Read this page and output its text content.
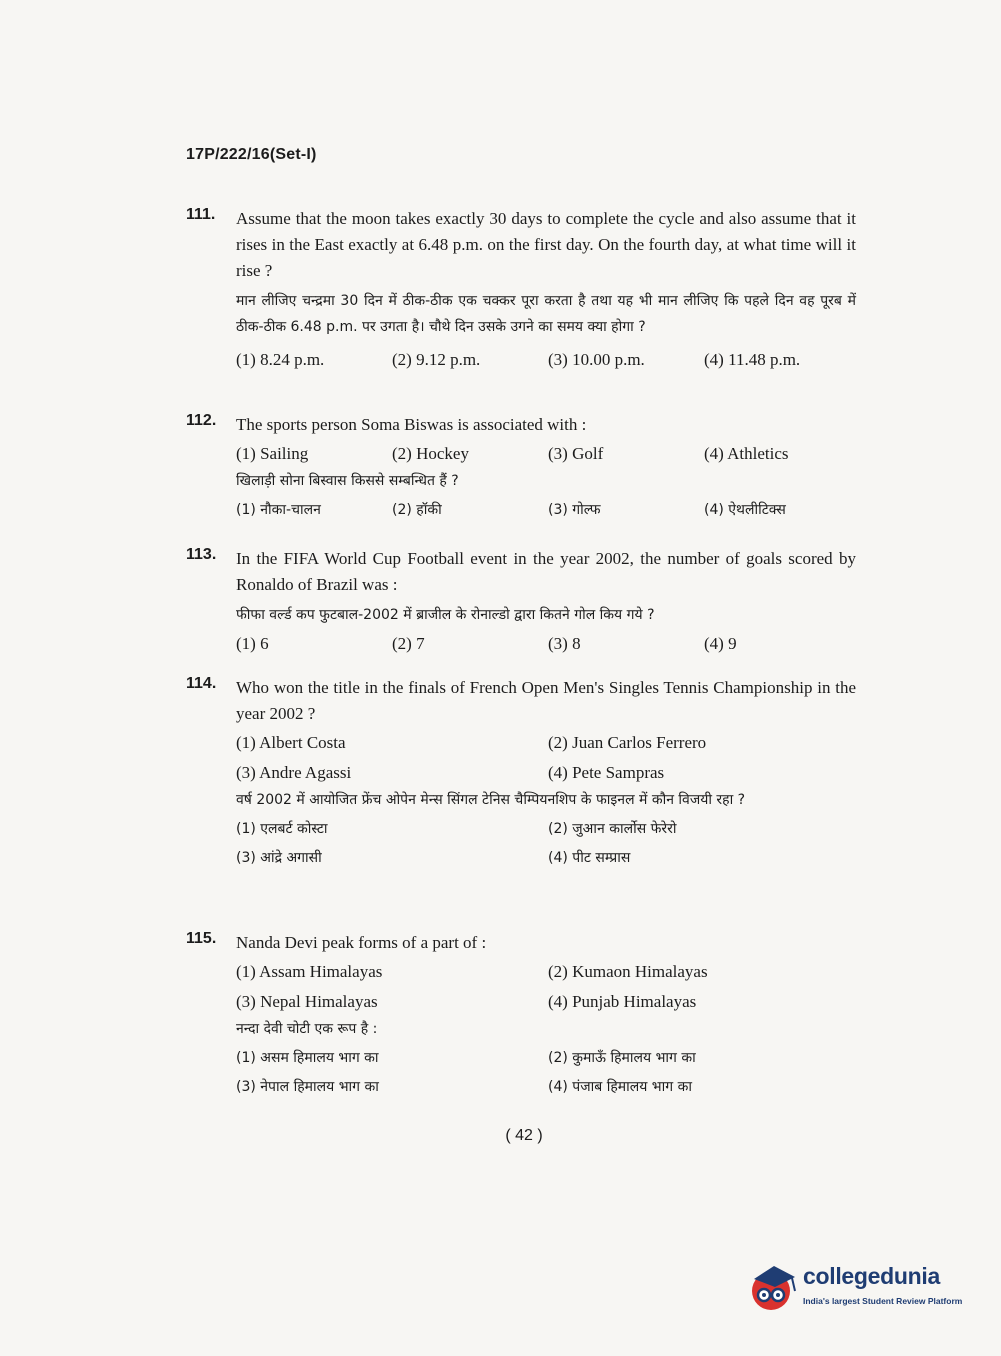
17P/222/16(Set-I)
111. Assume that the moon takes exactly 30 days to complete the cycle and also assume that it rises in the East exactly at 6.48 p.m. on the first day. On the fourth day, at what time will it rise ?
मान लीजिए चन्द्रमा 30 दिन में ठीक-ठीक एक चक्कर पूरा करता है तथा यह भी मान लीजिए कि पहले दिन वह पूरब में ठीक-ठीक 6.48 p.m. पर उगता है। चौथे दिन उसके उगने का समय क्या होगा ?
(1) 8.24 p.m.	(2) 9.12 p.m.	(3) 10.00 p.m.	(4) 11.48 p.m.
112. The sports person Soma Biswas is associated with :
(1) Sailing	(2) Hockey	(3) Golf	(4) Athletics
खिलाड़ी सोना बिस्वास किससे सम्बन्धित हैं ?
(1) नौका-चालन	(2) हॉकी	(3) गोल्फ	(4) ऐथलीटिक्स
113. In the FIFA World Cup Football event in the year 2002, the number of goals scored by Ronaldo of Brazil was :
फीफा वर्ल्ड कप फुटबाल-2002 में ब्राजील के रोनाल्डो द्वारा कितने गोल किय गये ?
(1) 6	(2) 7	(3) 8	(4) 9
114. Who won the title in the finals of French Open Men's Singles Tennis Championship in the year 2002 ?
(1) Albert Costa	(2) Juan Carlos Ferrero
(3) Andre Agassi	(4) Pete Sampras
वर्ष 2002 में आयोजित फ्रेंच ओपेन मेन्स सिंगल टेनिस चैम्पियनशिप के फाइनल में कौन विजयी रहा ?
(1) एलबर्ट कोस्टा	(2) जुआन कार्लोस फेरेरो
(3) आंद्रे अगासी	(4) पीट सम्प्रास
115. Nanda Devi peak forms of a part of :
(1) Assam Himalayas	(2) Kumaon Himalayas
(3) Nepal Himalayas	(4) Punjab Himalayas
नन्दा देवी चोटी एक रूप है :
(1) असम हिमालय भाग का	(2) कुमाऊँ हिमालय भाग का
(3) नेपाल हिमालय भाग का	(4) पंजाब हिमालय भाग का
( 42 )
collegedunia
India's largest Student Review Platform
